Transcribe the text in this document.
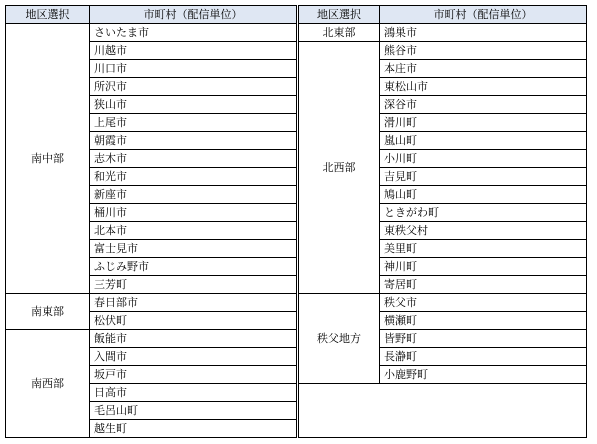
地区選択	市町村（配信単位）
南中部	さいたま市
	川越市
	川口市
	所沢市
	狭山市
	上尾市
	朝霞市
	志木市
	和光市
	新座市
	桶川市
	北本市
	富士見市
	ふじみ野市
	三芳町
南東部	春日部市
	松伏町
南西部	飯能市
	入間市
	坂戸市
	日高市
	毛呂山町
	越生町
地区選択	市町村（配信単位）
北東部	鴻巣市
北西部	熊谷市
	本庄市
	東松山市
	深谷市
	滑川町
	嵐山町
	小川町
	吉見町
	鳩山町
	ときがわ町
	東秩父村
	美里町
	神川町
	寄居町
秩父地方	秩父市
	横瀬町
	皆野町
	長瀞町
	小鹿野町
